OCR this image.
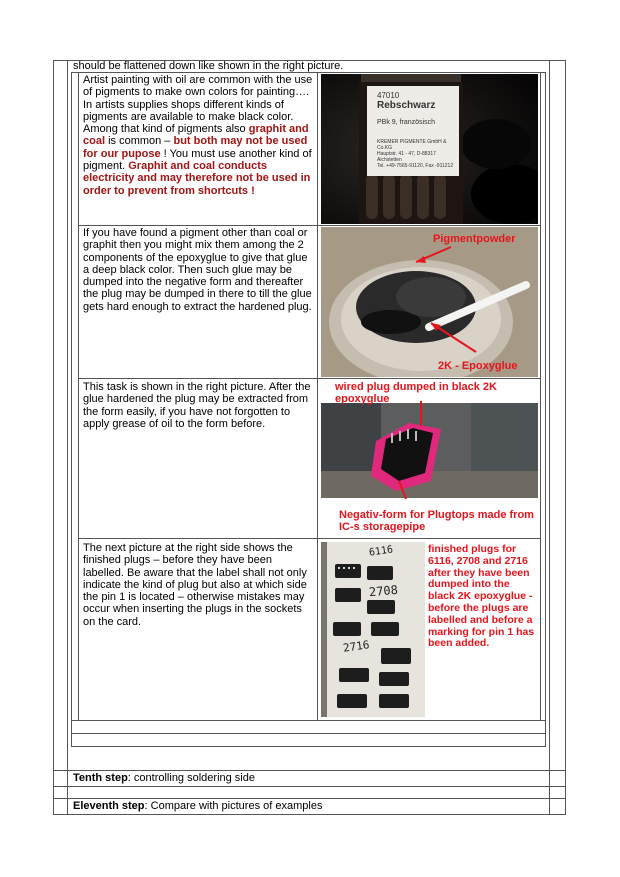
should be flattened down like shown in the right picture.
Artist painting with oil are common with the use of pigments to make own colors for painting…. In artists supplies shops different kinds of pigments are available to make black color. Among that kind of pigments also graphit and coal is common – but both may not be used for our pupose ! You must use another kind of pigment. Graphit and coal conducts electricity and may therefore not be used in order to prevent from shortcuts !
47010
Rebschwarz
PBk 9, französisch
KREMER PIGMENTE GmbH & Co.KG
Hauptstr. 41 - 47, D-88317 Aichstetten
Tel. +49-7565-91120, Fax -911212
If you have found a pigment other than coal or graphit then you might mix them among the 2 components of the epoxyglue to give that glue a deep black color. Then such glue may be dumped into the negative form and thereafter the plug may be dumped in there to till the glue gets hard enough to extract the hardened plug.
Pigmentpowder
2K - Epoxyglue
This task is shown in the right picture. After the glue hardened the plug may be extracted from the form easily, if you have not forgotten to apply grease of oil to the form before.
wired plug dumped in black 2K epoxyglue
Negativ-form for Plugtops made from IC-s storagepipe
The next picture at the right side shows the finished plugs – before they have been labelled. Be aware that the label shall not only indicate the kind of plug but also at which side the pin 1 is located – otherwise mistakes may occur when inserting the plugs in the sockets on the card.
6116
2708
2716
finished plugs for 6116, 2708 and 2716 after they have been dumped into the black 2K epoxyglue - before the plugs are labelled and before a marking for pin 1 has been added.
Tenth step: controlling soldering side
Eleventh step: Compare with pictures of examples
